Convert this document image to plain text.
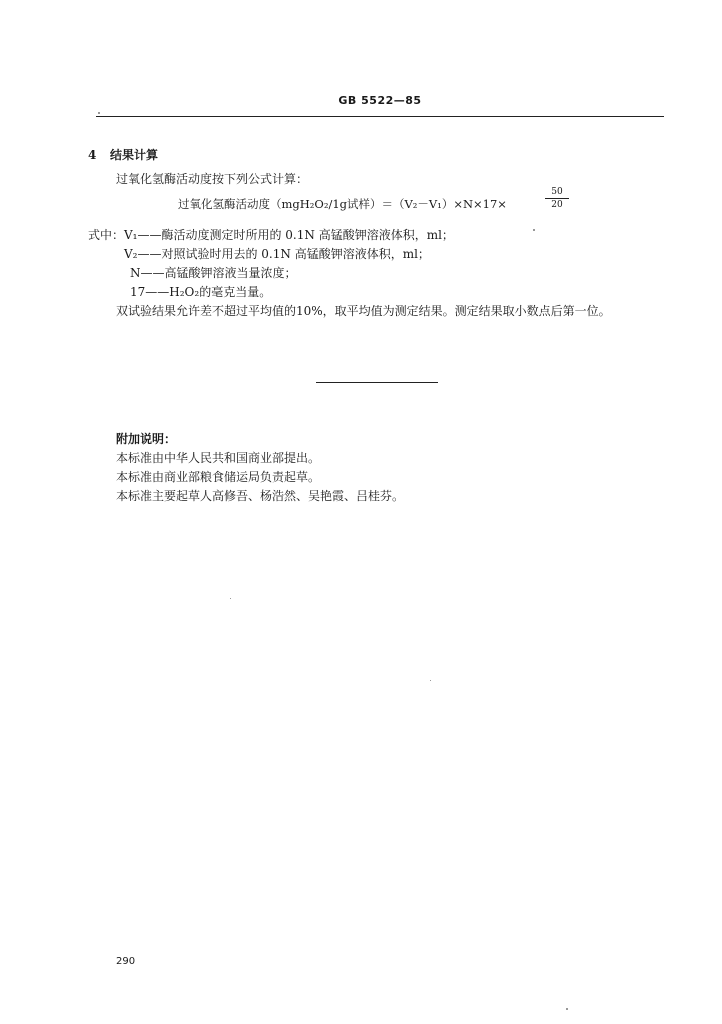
GB 5522—85
4 结果计算
过氧化氢酶活动度按下列公式计算：
过氧化氢酶活动度（mgH₂O₂/1g试样）＝（V₂－V₁）×N×17×	$\frac{50}{20}$
式中： V₁——酶活动度测定时所用的 0.1N 高锰酸钾溶液体积，ml；
V₂——对照试验时用去的 0.1N 高锰酸钾溶液体积，ml；
N——高锰酸钾溶液当量浓度；
17——H₂O₂的毫克当量。
双试验结果允许差不超过平均值的10%，取平均值为测定结果。测定结果取小数点后第一位。
附加说明：
本标准由中华人民共和国商业部提出。
本标准由商业部粮食储运局负责起草。
本标准主要起草人高修吾、杨浩然、吴艳霞、吕桂芬。
290
